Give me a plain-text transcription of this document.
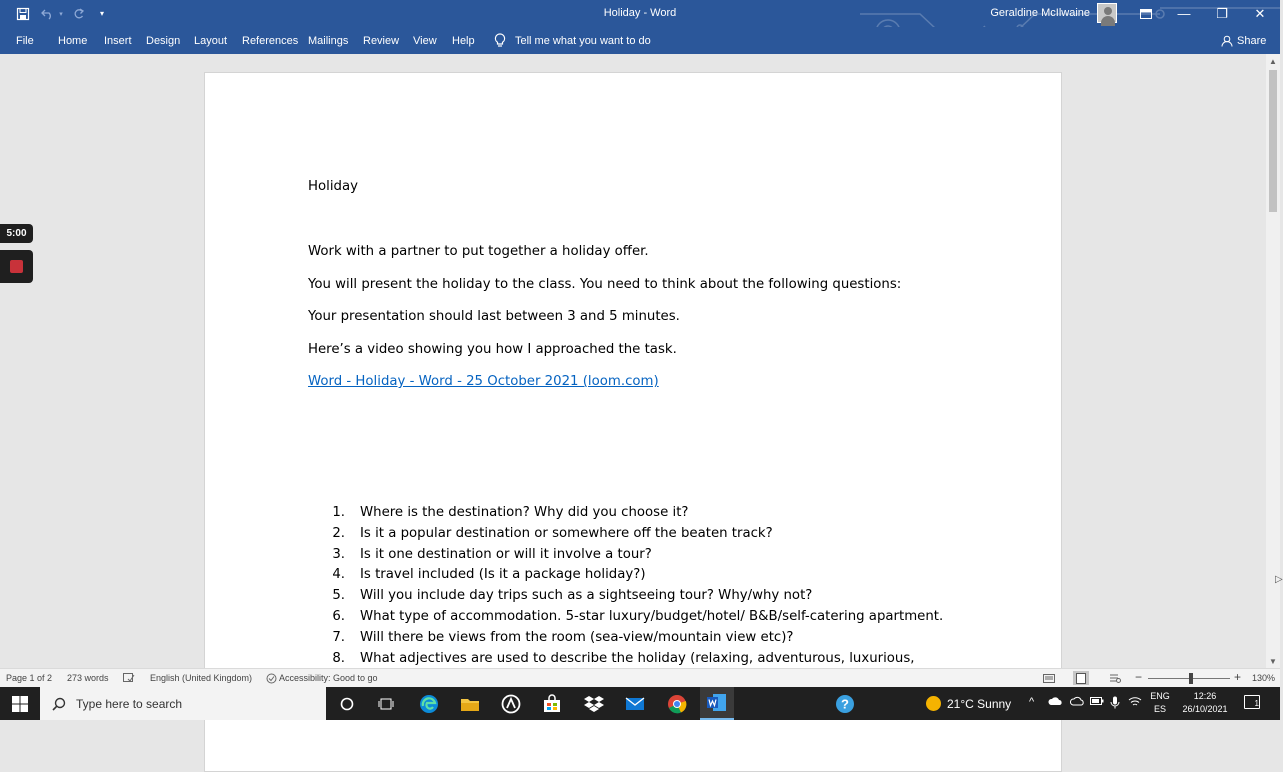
▾	▾	Holiday - Word	Geraldine McIlwaine	—	❐	✕
File Home Insert Design Layout References Mailings Review View Help	Tell me what you want to do	Share
Holiday
Work with a partner to put together a holiday offer.
You will present the holiday to the class. You need to think about the following questions:
Your presentation should last between 3 and 5 minutes.
Here’s a video showing you how I approached the task.
Word - Holiday - Word - 25 October 2021 (loom.com)
1. Where is the destination? Why did you choose it?
2. Is it a popular destination or somewhere off the beaten track?
3. Is it one destination or will it involve a tour?
4. Is travel included (Is it a package holiday?)
5. Will you include day trips such as a sightseeing tour? Why/why not?
6. What type of accommodation. 5-star luxury/budget/hotel/ B&B/self-catering apartment.
7. Will there be views from the room (sea-view/mountain view etc)?
8. What adjectives are used to describe the holiday (relaxing, adventurous, luxurious,
▲
▼
5:00
Page 1 of 2 273 words	English (United Kingdom)	Accessibility: Good to go	−	+ 130%
Type here to search	?	21°C Sunny ^	ENG
ES
12:26
26/10/2021
1
▷
